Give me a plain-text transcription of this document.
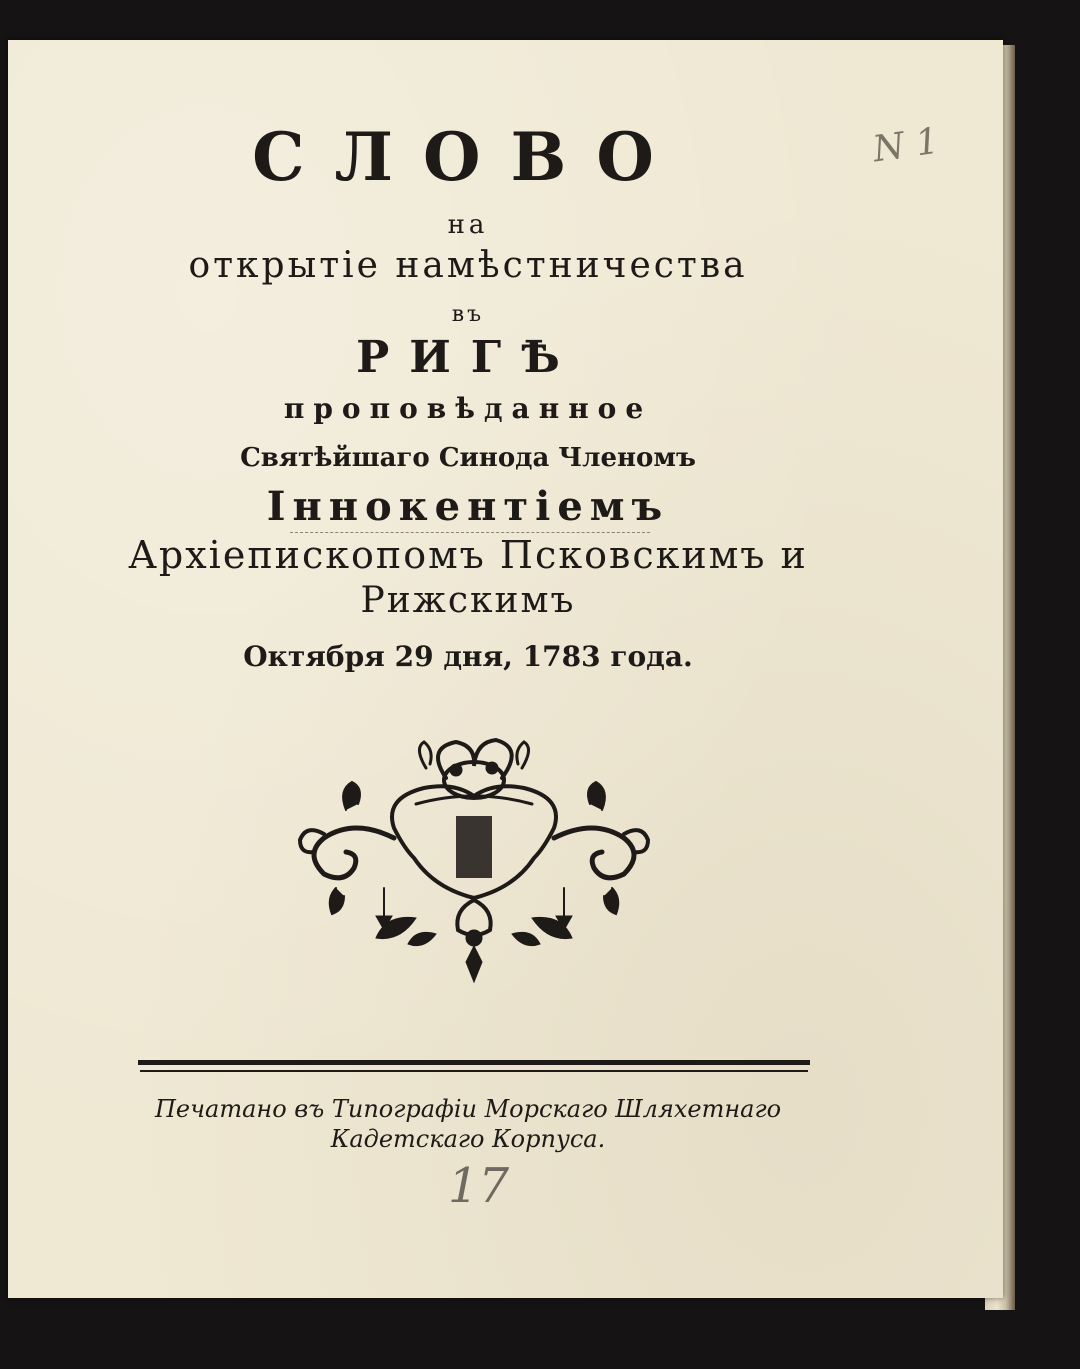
СЛОВО
на
открытіе намѣстничества
въ
РИГѢ
проповѣданное
Святѣйшаго Синода Членомъ
Іннокентіемъ
Архіепископомъ Псковскимъ и
Рижскимъ
Октября 29 дня, 1783 года.
Печатано въ Типографіи Морскаго Шляхетнаго
Кадетскаго Корпуса.
N 1
17
